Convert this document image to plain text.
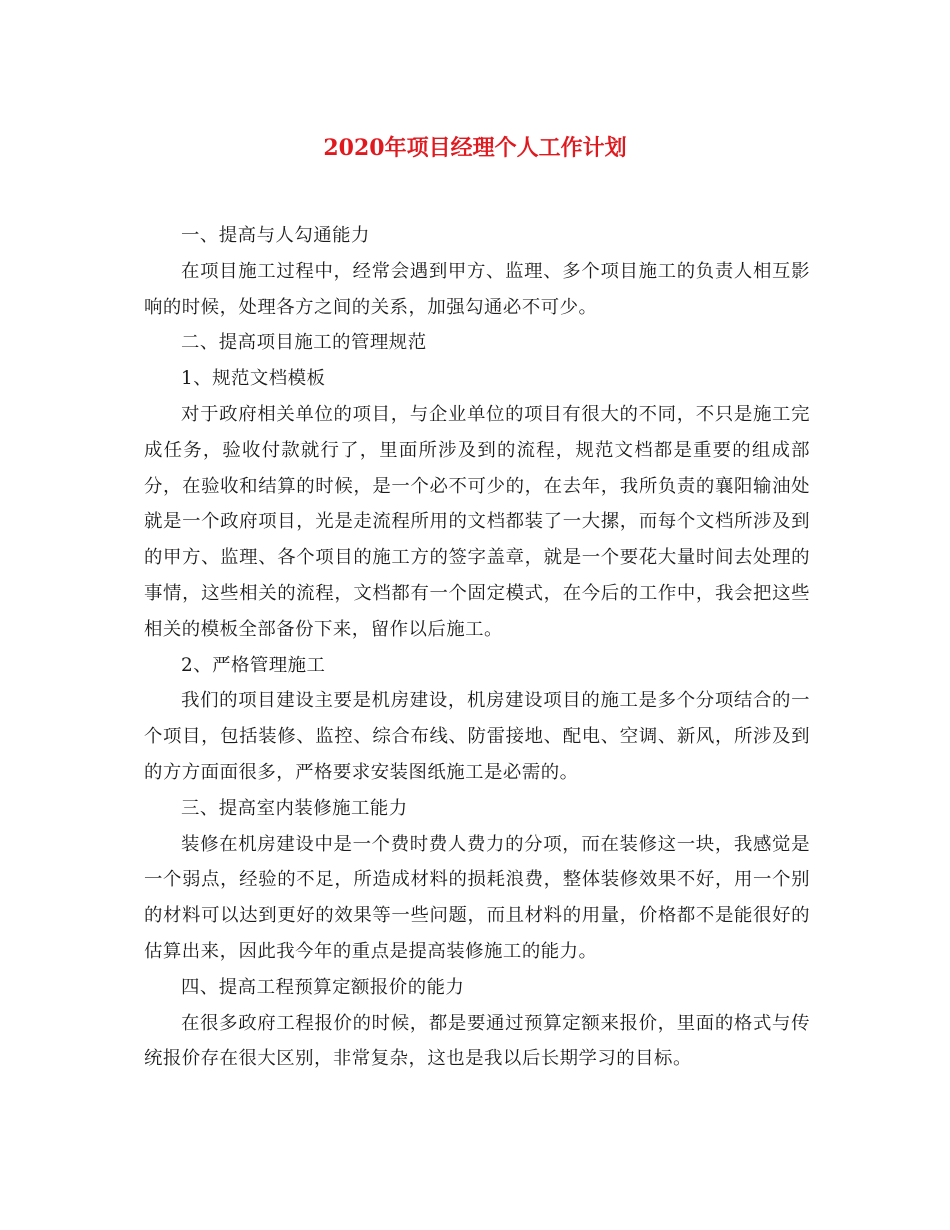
2020年项目经理个人工作计划

一、提高与人勾通能力

在项目施工过程中，经常会遇到甲方、监理、多个项目施工的负责人相互影响的时候，处理各方之间的关系，加强勾通必不可少。

二、提高项目施工的管理规范

1、规范文档模板

对于政府相关单位的项目，与企业单位的项目有很大的不同，不只是施工完成任务，验收付款就行了，里面所涉及到的流程，规范文档都是重要的组成部分，在验收和结算的时候，是一个必不可少的，在去年，我所负责的襄阳输油处就是一个政府项目，光是走流程所用的文档都装了一大摞，而每个文档所涉及到的甲方、监理、各个项目的施工方的签字盖章，就是一个要花大量时间去处理的事情，这些相关的流程，文档都有一个固定模式，在今后的工作中，我会把这些相关的模板全部备份下来，留作以后施工。

2、严格管理施工

我们的项目建设主要是机房建设，机房建设项目的施工是多个分项结合的一个项目，包括装修、监控、综合布线、防雷接地、配电、空调、新风，所涉及到的方方面面很多，严格要求安装图纸施工是必需的。

三、提高室内装修施工能力

装修在机房建设中是一个费时费人费力的分项，而在装修这一块，我感觉是一个弱点，经验的不足，所造成材料的损耗浪费，整体装修效果不好，用一个别的材料可以达到更好的效果等一些问题，而且材料的用量，价格都不是能很好的估算出来，因此我今年的重点是提高装修施工的能力。

四、提高工程预算定额报价的能力

在很多政府工程报价的时候，都是要通过预算定额来报价，里面的格式与传统报价存在很大区别，非常复杂，这也是我以后长期学习的目标。
